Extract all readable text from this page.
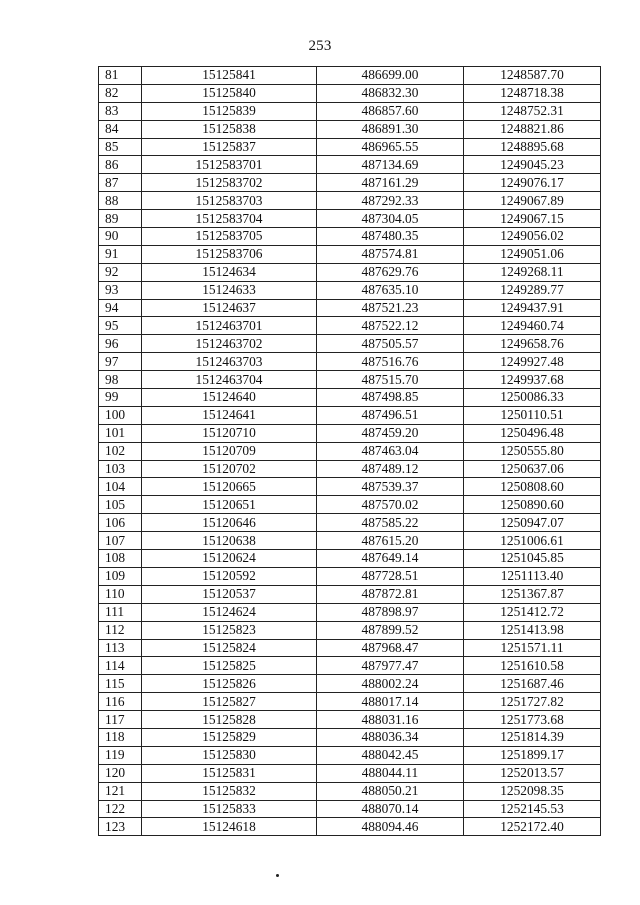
253
81	15125841	486699.00	1248587.70
82	15125840	486832.30	1248718.38
83	15125839	486857.60	1248752.31
84	15125838	486891.30	1248821.86
85	15125837	486965.55	1248895.68
86	1512583701	487134.69	1249045.23
87	1512583702	487161.29	1249076.17
88	1512583703	487292.33	1249067.89
89	1512583704	487304.05	1249067.15
90	1512583705	487480.35	1249056.02
91	1512583706	487574.81	1249051.06
92	15124634	487629.76	1249268.11
93	15124633	487635.10	1249289.77
94	15124637	487521.23	1249437.91
95	1512463701	487522.12	1249460.74
96	1512463702	487505.57	1249658.76
97	1512463703	487516.76	1249927.48
98	1512463704	487515.70	1249937.68
99	15124640	487498.85	1250086.33
100	15124641	487496.51	1250110.51
101	15120710	487459.20	1250496.48
102	15120709	487463.04	1250555.80
103	15120702	487489.12	1250637.06
104	15120665	487539.37	1250808.60
105	15120651	487570.02	1250890.60
106	15120646	487585.22	1250947.07
107	15120638	487615.20	1251006.61
108	15120624	487649.14	1251045.85
109	15120592	487728.51	1251113.40
110	15120537	487872.81	1251367.87
111	15124624	487898.97	1251412.72
112	15125823	487899.52	1251413.98
113	15125824	487968.47	1251571.11
114	15125825	487977.47	1251610.58
115	15125826	488002.24	1251687.46
116	15125827	488017.14	1251727.82
117	15125828	488031.16	1251773.68
118	15125829	488036.34	1251814.39
119	15125830	488042.45	1251899.17
120	15125831	488044.11	1252013.57
121	15125832	488050.21	1252098.35
122	15125833	488070.14	1252145.53
123	15124618	488094.46	1252172.40
